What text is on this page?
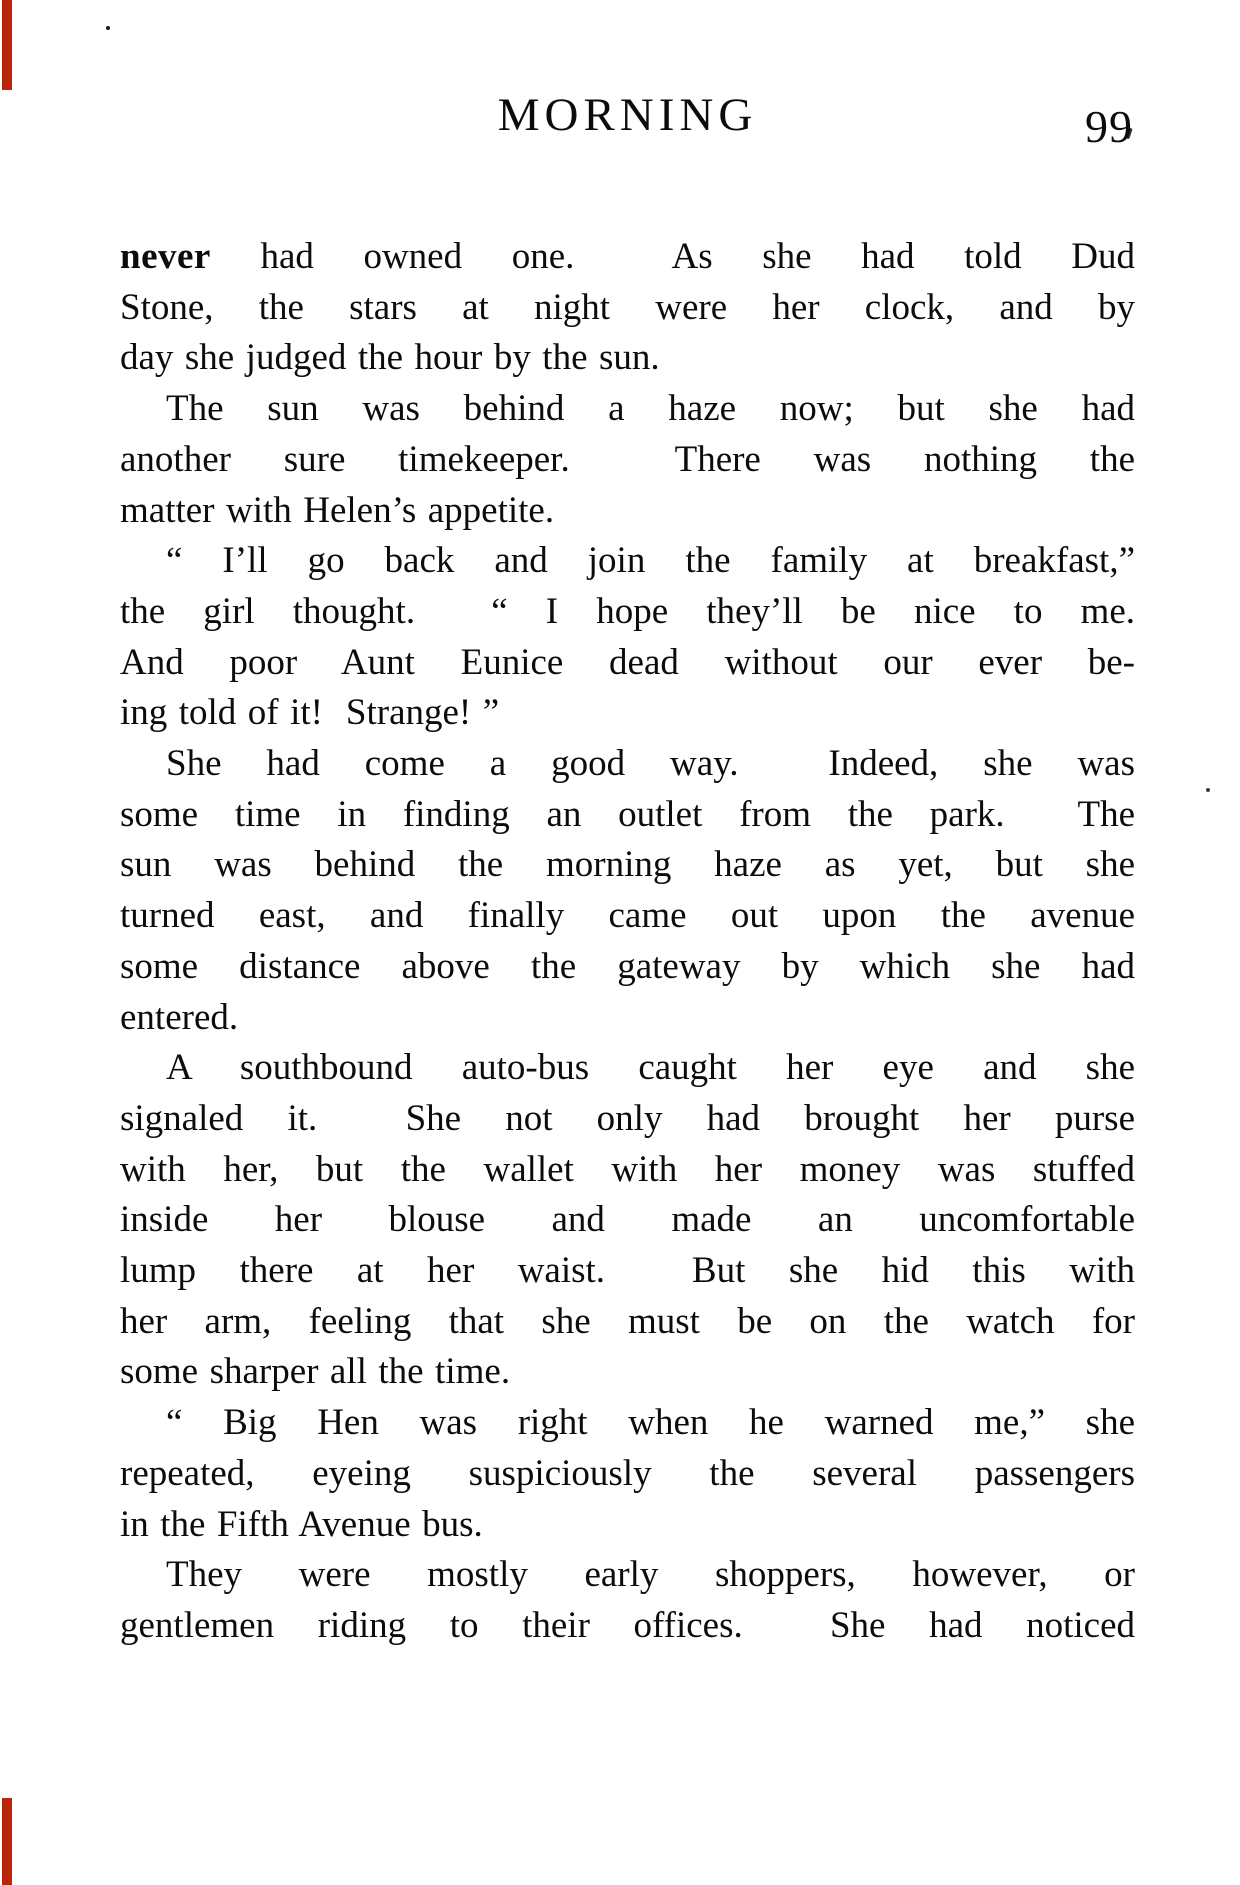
MORNING	99
never had owned one.  As she had told Dud
Stone, the stars at night were her clock, and by
day she judged the hour by the sun.
The sun was behind a haze now; but she had
another sure timekeeper.  There was nothing the
matter with Helen’s appetite.
“ I’ll go back and join the family at breakfast,”
the girl thought.  “ I hope they’ll be nice to me.
And poor Aunt Eunice dead without our ever be-
ing told of it!  Strange! ”
She had come a good way.  Indeed, she was
some time in finding an outlet from the park.  The
sun was behind the morning haze as yet, but she
turned east, and finally came out upon the avenue
some distance above the gateway by which she had
entered.
A southbound auto-bus caught her eye and she
signaled it.  She not only had brought her purse
with her, but the wallet with her money was stuffed
inside her blouse and made an uncomfortable
lump there at her waist.  But she hid this with
her arm, feeling that she must be on the watch for
some sharper all the time.
“ Big Hen was right when he warned me,” she
repeated, eyeing suspiciously the several passengers
in the Fifth Avenue bus.
They were mostly early shoppers, however, or
gentlemen riding to their offices.  She had noticed
